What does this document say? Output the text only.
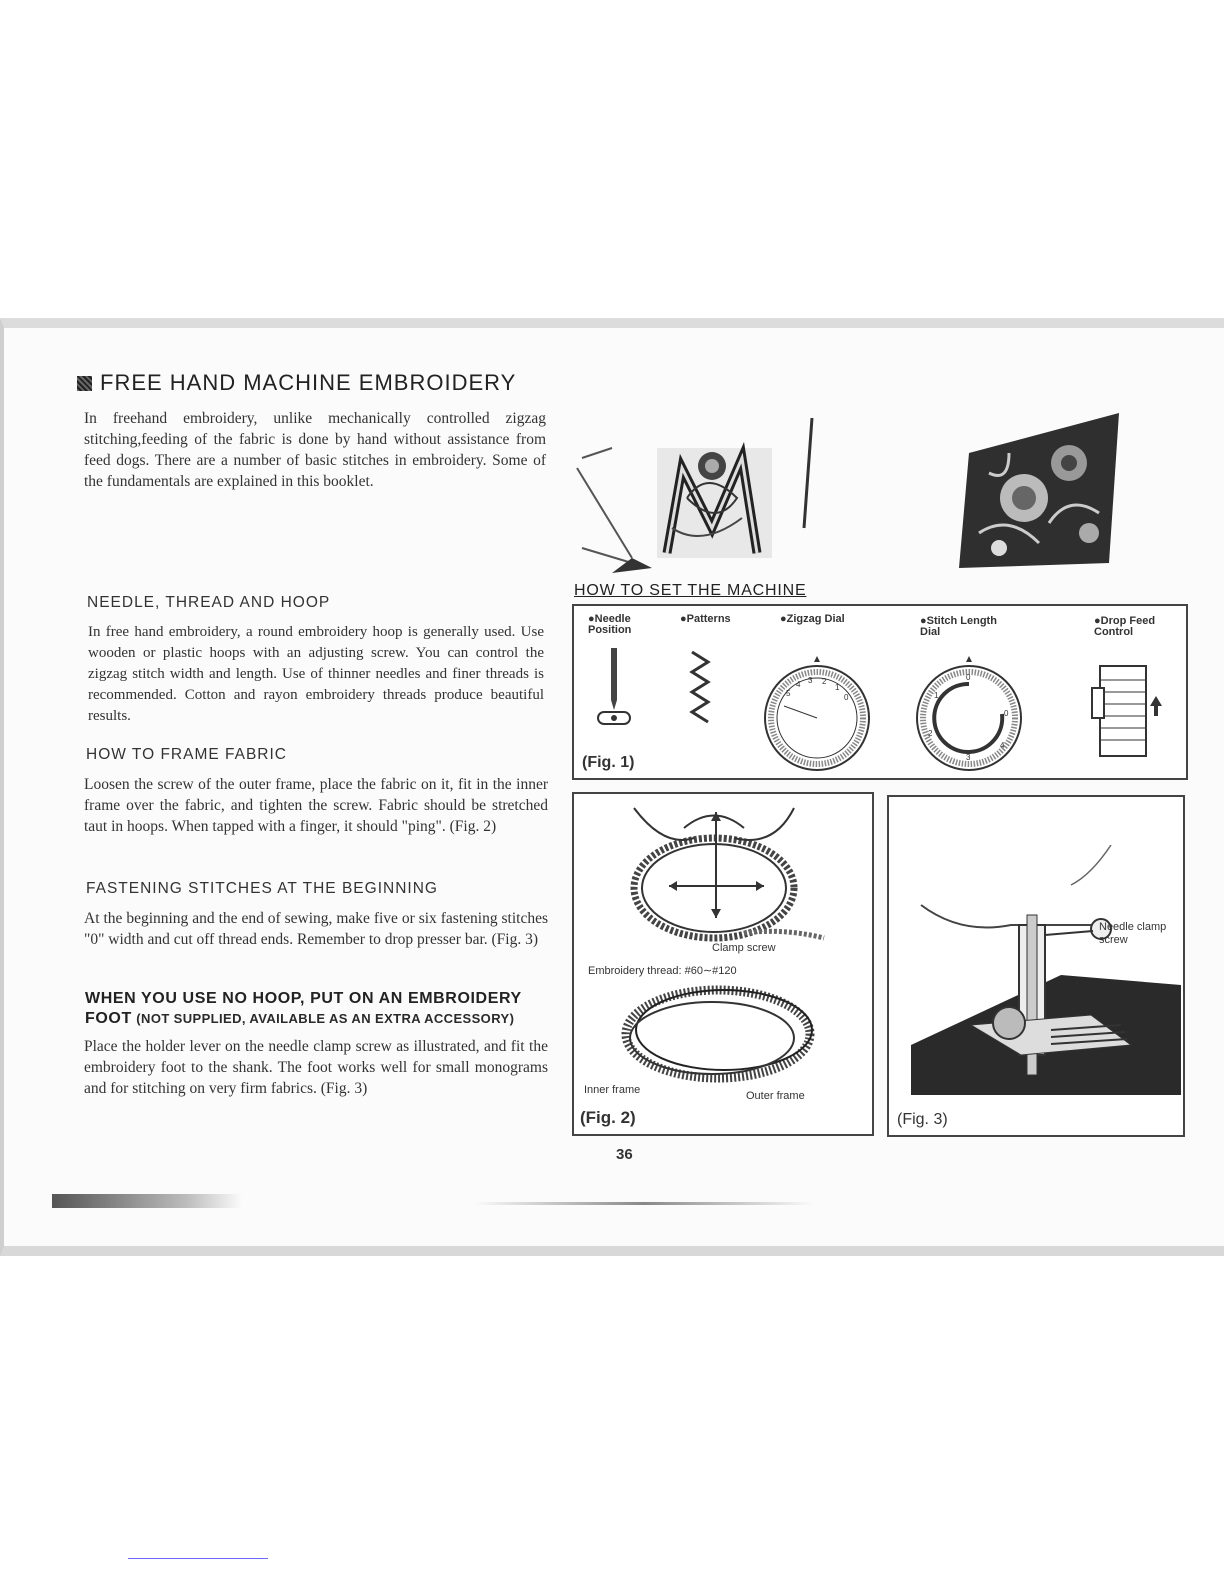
FREE HAND MACHINE EMBROIDERY
In freehand embroidery, unlike mechanically controlled zigzag stitching,feeding of the fabric is done by hand without assistance from feed dogs. There are a number of basic stitches in embroidery. Some of the fundamentals are explained in this booklet.
NEEDLE, THREAD AND HOOP
In free hand embroidery, a round embroidery hoop is generally used. Use wooden or plastic hoops with an adjusting screw. You can control the zigzag stitch width and length. Use of thinner needles and finer threads is recommended. Cotton and rayon embroidery threads produce beautiful results.
HOW TO FRAME FABRIC
Loosen the screw of the outer frame, place the fabric on it, fit in the inner frame over the fabric, and tighten the screw. Fabric should be stretched taut in hoops. When tapped with a finger, it should "ping". (Fig. 2)
FASTENING STITCHES AT THE BEGINNING
At the beginning and the end of sewing, make five or six fastening stitches "0" width and cut off thread ends. Remember to drop presser bar. (Fig. 3)
WHEN YOU USE NO HOOP, PUT ON AN EMBROIDERY
FOOT (NOT SUPPLIED, AVAILABLE AS AN EXTRA ACCESSORY)
Place the holder lever on the needle clamp screw as illustrated, and fit the embroidery foot to the shank. The foot works well for small monograms and for stitching on very firm fabrics. (Fig. 3)
HOW TO SET THE MACHINE
●Needle Position
●Patterns	●Zigzag Dial	●Stitch Length Dial
●Drop Feed Control
5
4 3 2
1
0
0
1
2
3
4
0
(Fig. 1)
Clamp screw
Embroidery thread: #60∼#120
Inner frame	Outer frame
(Fig. 2)
Needle clamp screw
(Fig. 3)
36
